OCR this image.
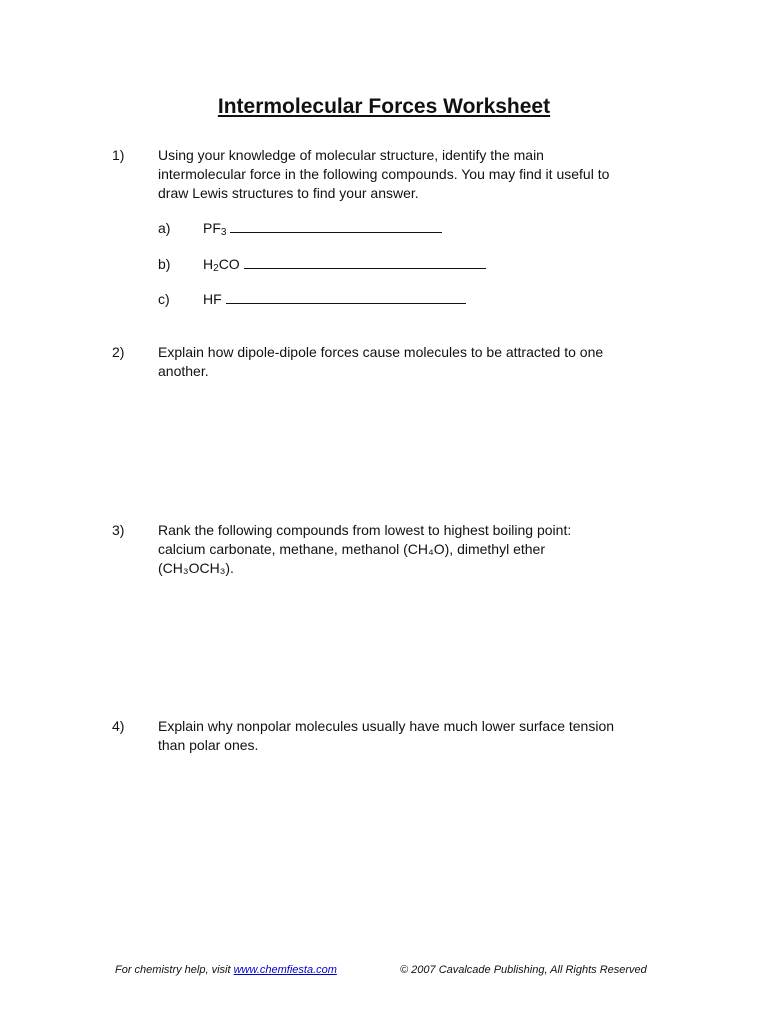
Intermolecular Forces Worksheet
1) Using your knowledge of molecular structure, identify the main
intermolecular force in the following compounds. You may find it useful to
draw Lewis structures to find your answer.
a) $PF_3$
b) $H_2CO$
c) HF
2) Explain how dipole-dipole forces cause molecules to be attracted to one
another.
3) Rank the following compounds from lowest to highest boiling point:
calcium carbonate, methane, methanol (CH₄O), dimethyl ether
(CH₃OCH₃).
4) Explain why nonpolar molecules usually have much lower surface tension
than polar ones.
For chemistry help, visit www.chemfiesta.com	© 2007 Cavalcade Publishing, All Rights Reserved
